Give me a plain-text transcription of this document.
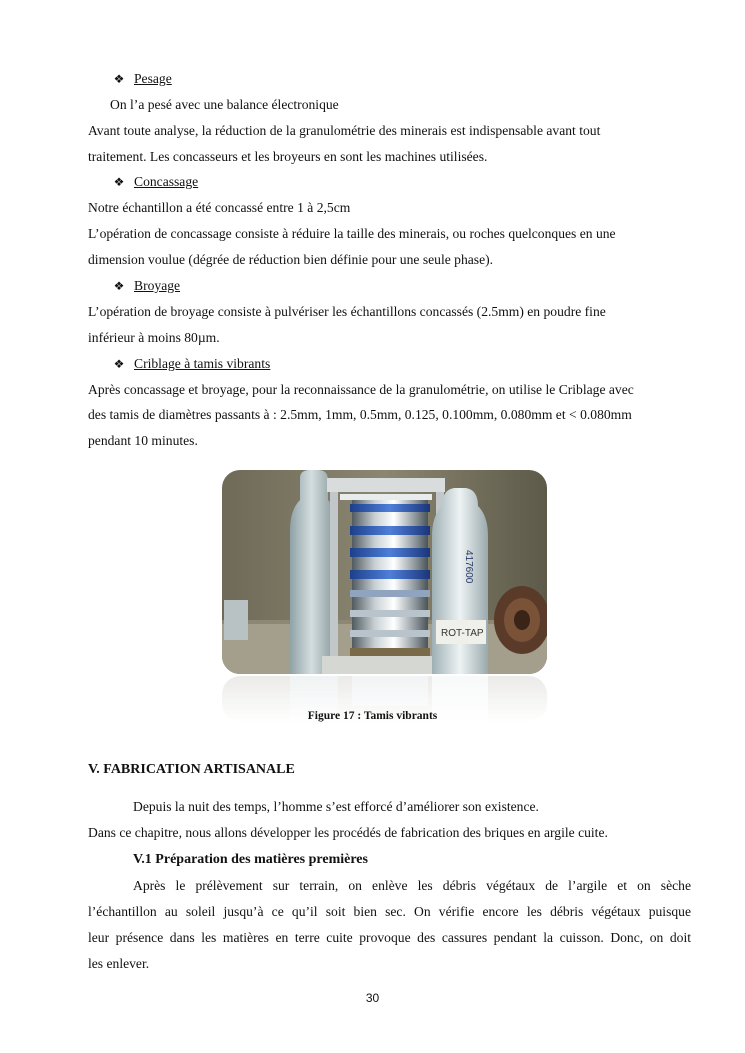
❖ Pesage
On l’a pesé avec une balance électronique
Avant toute analyse, la réduction de la granulométrie des minerais est indispensable avant tout
traitement. Les concasseurs et les broyeurs en sont les machines utilisées.
❖ Concassage
Notre échantillon a été concassé entre 1 à 2,5cm
L’opération de concassage consiste à réduire la taille des minerais, ou roches quelconques en une
dimension voulue (dégrée de réduction bien définie pour une seule phase).
❖ Broyage
L’opération de broyage consiste à pulvériser les échantillons concassés (2.5mm) en poudre fine
inférieur à moins 80µm.
❖ Criblage à tamis vibrants
Après concassage et broyage, pour la reconnaissance de la granulométrie, on utilise le Criblage avec
des tamis de diamètres passants à : 2.5mm, 1mm, 0.5mm, 0.125, 0.100mm, 0.080mm et < 0.080mm
pendant 10 minutes.
417600
ROT-TAP
Figure 17 : Tamis vibrants
V. FABRICATION ARTISANALE
Depuis la nuit des temps, l’homme s’est efforcé d’améliorer son existence.
Dans ce chapitre, nous allons développer les procédés de fabrication des briques en argile cuite.
V.1 Préparation des matières premières
Après le prélèvement sur terrain, on enlève les débris végétaux de l’argile et on sèche
l’échantillon au soleil jusqu’à ce qu’il soit bien sec. On vérifie encore les débris végétaux puisque
leur présence dans les matières en terre cuite provoque des cassures pendant la cuisson. Donc, on doit
les enlever.
30
